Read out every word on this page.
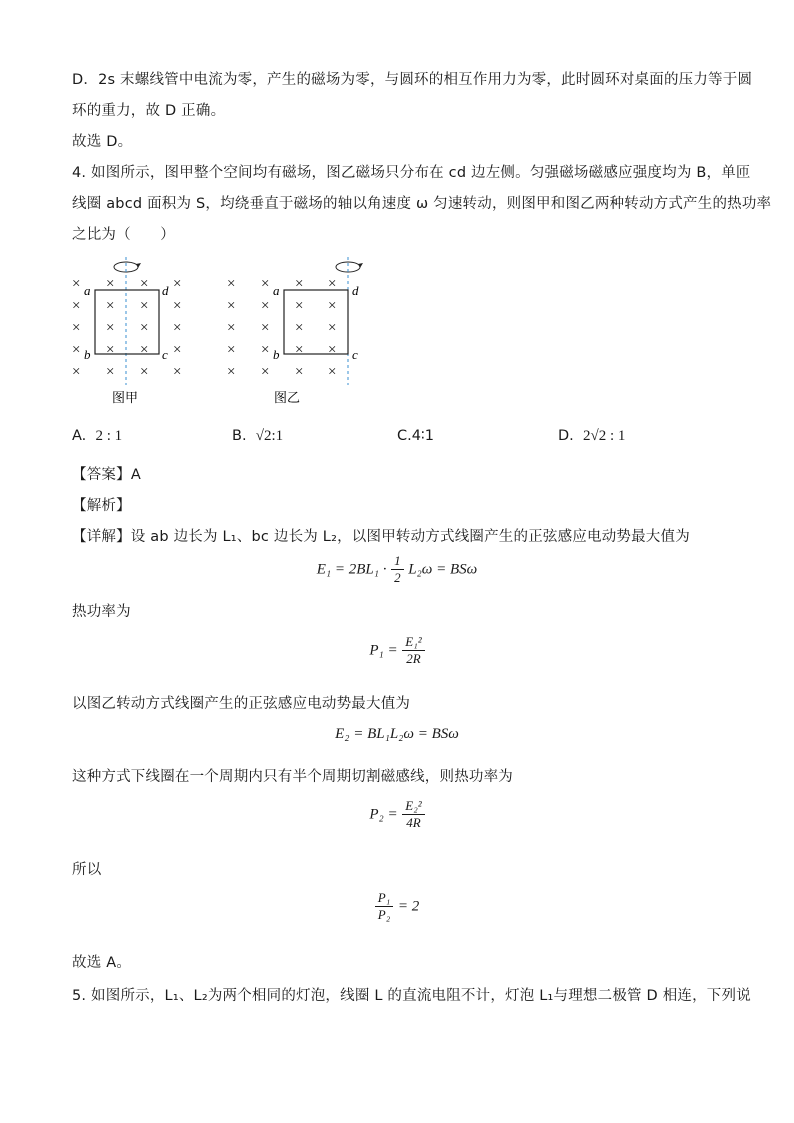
D．2s 末螺线管中电流为零，产生的磁场为零，与圆环的相互作用力为零，此时圆环对桌面的压力等于圆
环的重力，故 D 正确。
故选 D。
4. 如图所示，图甲整个空间均有磁场，图乙磁场只分布在 cd 边左侧。匀强磁场磁感应强度均为 B，单匝
线圈 abcd 面积为 S，均绕垂直于磁场的轴以角速度 ω 匀速转动，则图甲和图乙两种转动方式产生的热功率
之比为（　　）
× × × ×
× × × ×
× × × ×
× × × ×
× × × ×
a	d
b	c
× × × ×
× × × ×
× × × ×
× × × ×
× × × ×
a	d
b	c
图甲	图乙
A. 2 : 1	B. √2:1	C.4∶1	D. 2√2 : 1
【答案】A
【解析】
【详解】设 ab 边长为 L₁、bc 边长为 L₂，以图甲转动方式线圈产生的正弦感应电动势最大值为
$E_1 = 2BL_1 \cdot \frac{1}{2} L_2\omega = BS\omega$
热功率为
$P_1 = \frac{\text{E₁²}}{2R}$
以图乙转动方式线圈产生的正弦感应电动势最大值为
E₂ = BL₁L₂ω = BSω
这种方式下线圈在一个周期内只有半个周期切割磁感线，则热功率为
$P_2 = \frac{\text{E₂²}}{4R}$
所以
$\frac{\text{P₁}}{\text{P₂}} = 2$
故选 A。
5. 如图所示，L₁、L₂为两个相同的灯泡，线圈 L 的直流电阻不计，灯泡 L₁与理想二极管 D 相连，下列说
